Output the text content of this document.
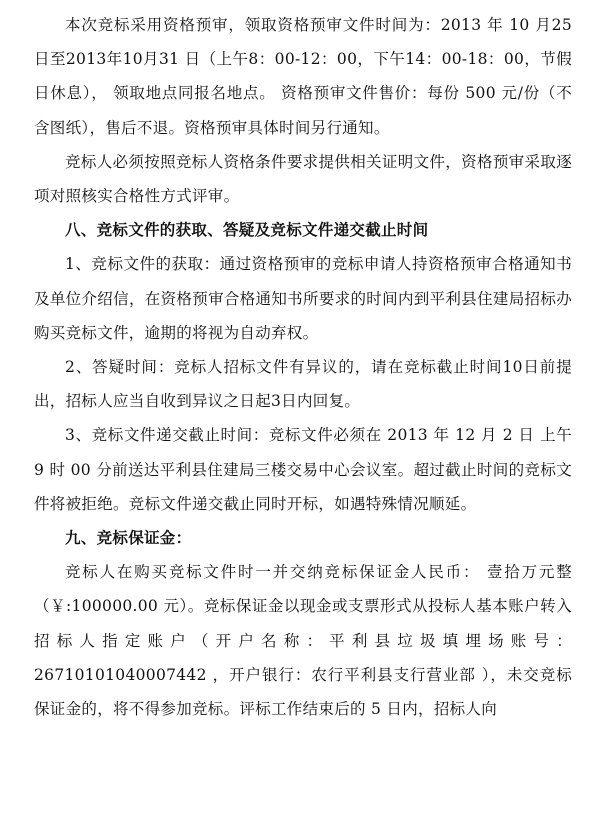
本次竞标采用资格预审，领取资格预审文件时间为：2013 年 10 月25日至2013年10月31 日（上午8：00-12：00，下午14：00-18：00，节假日休息）， 领取地点同报名地点。 资格预审文件售价：每份 500 元/份（不含图纸），售后不退。资格预审具体时间另行通知。

竞标人必须按照竞标人资格条件要求提供相关证明文件，资格预审采取逐项对照核实合格性方式评审。

八、竞标文件的获取、答疑及竞标文件递交截止时间

1、竞标文件的获取：通过资格预审的竞标申请人持资格预审合格通知书及单位介绍信，在资格预审合格通知书所要求的时间内到平利县住建局招标办购买竞标文件，逾期的将视为自动弃权。

2、答疑时间：竞标人招标文件有异议的，请在竞标截止时间10日前提出，招标人应当自收到异议之日起3日内回复。

3、竞标文件递交截止时间：竞标文件必须在 2013 年 12 月 2 日 上午 9 时 00 分前送达平利县住建局三楼交易中心会议室。超过截止时间的竞标文件将被拒绝。竞标文件递交截止同时开标，如遇特殊情况顺延。

九、竞标保证金：

竞标人在购买竞标文件时一并交纳竞标保证金人民币： 壹拾万元整（￥:100000.00 元）。竞标保证金以现金或支票形式从投标人基本账户转入招标人指定账户（开户名称：平利县垃圾填埋场账号：26710101040007442 ，开户银行：农行平利县支行营业部 ），未交竞标保证金的，将不得参加竞标。评标工作结束后的 5 日内，招标人向
